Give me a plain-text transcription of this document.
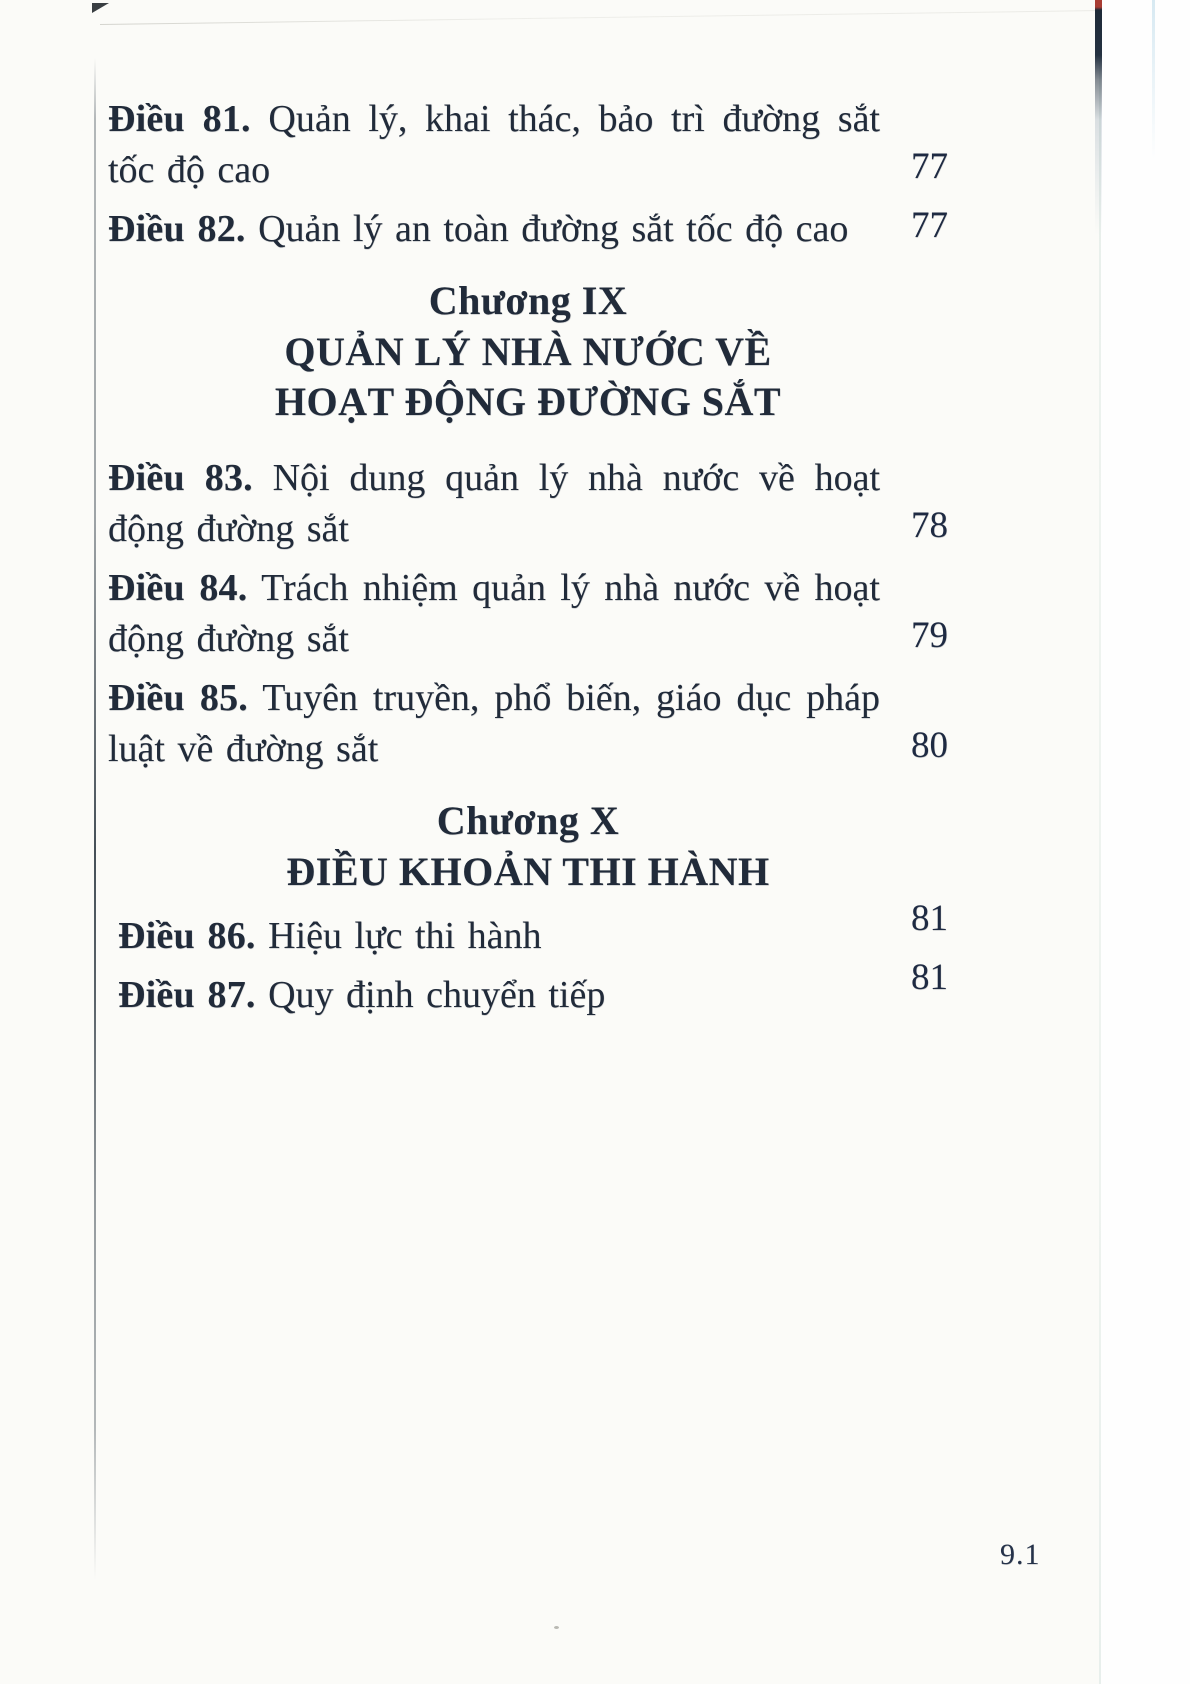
Điều 81. Quản lý, khai thác, bảo trì đường sắt
tốc độ cao	77
Điều 82. Quản lý an toàn đường sắt tốc độ cao	77
Chương IX
QUẢN LÝ NHÀ NƯỚC VỀ
HOẠT ĐỘNG ĐƯỜNG SẮT
Điều 83. Nội dung quản lý nhà nước về hoạt
động đường sắt	78
Điều 84. Trách nhiệm quản lý nhà nước về hoạt
động đường sắt	79
Điều 85. Tuyên truyền, phổ biến, giáo dục pháp
luật về đường sắt	80
Chương X
ĐIỀU KHOẢN THI HÀNH
Điều 86. Hiệu lực thi hành	81
Điều 87. Quy định chuyển tiếp	81
9.1
